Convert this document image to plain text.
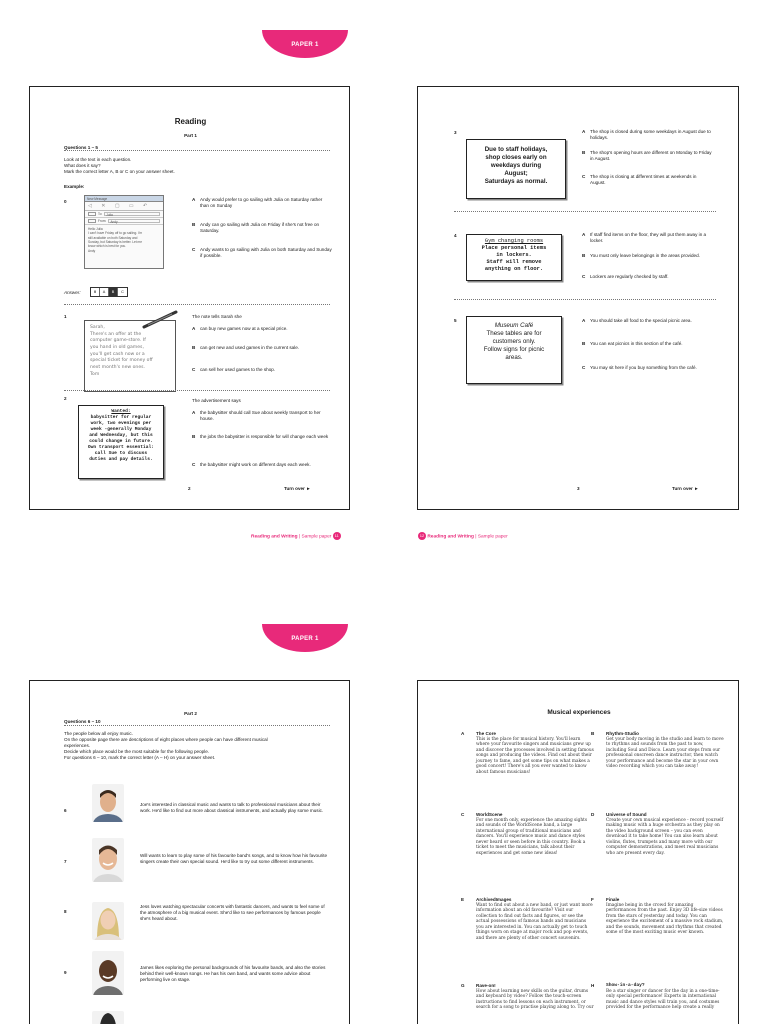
PAPER 1
Reading
Part 1
Questions 1 – 5
Look at the text in each question.
What does it say?
Mark the correct letter A, B or C on your answer sheet.
Example:
0	New Message
◁ ✕ ▢ ▭ ↶
To:	Julia
From:	Andy
Hello Julia
I can't have Friday off to go sailing. I'm
still available on both Saturday and
Sunday, but Saturday is better. Let me
know which is best for you.
Andy
A	Andy would prefer to go sailing with Julia on Saturday rather than on Sunday
B	Andy can go sailing with Julia on Friday if she's not free on Saturday.
C	Andy wants to go sailing with Julia on both Saturday and Sunday if possible.
Answer:	0	A	B	C
1
Sarah,
There's an offer at the
computer game-store. If
you hand in old games,
you'll get cash now or a
special ticket for money off
next month's new ones.
Tom
The note tells Sarah she
A	can buy new games now at a special price.
B	can get new and used games in the current sale.
C	can sell her used games to the shop.
2
Wanted:
babysitter for regular
work, two evenings per
week -generally Monday
and Wednesday, but this
could change in future.
Own transport essential:
call Sue to discuss
duties and pay details.
The advertisement says
A	the babysitter should call Sue about weekly transport to her house.
B	the jobs the babysitter is responsible for will change each week
C	the babysitter might work on different days each week.
2	Turn over ►
3
Due to staff holidays,
shop closes early on
weekdays during
August;
Saturdays as normal.
A	The shop is closed during some weekdays in August due to holidays.
B	The shop's opening hours are different on Monday to Friday in August.
C	The shop is closing at different times at weekends in August.
4
Gym changing rooms
Place personal items
in lockers.
Staff will remove
anything on floor.
A	If staff find items on the floor, they will put them away in a locker.
B	You must only leave belongings in the areas provided.
C	Lockers are regularly checked by staff.
5
Museum Café
These tables are for
customers only.
Follow signs for picnic
areas.
A	You should take all food to the special picnic area.
B	You can eat picnics in this section of the café.
C	You may sit here if you buy something from the café.
3	Turn over ►
Reading and Writing | Sample paper 11	12 Reading and Writing | Sample paper
PAPER 1
Part 2
Questions 6 – 10
The people below all enjoy music.
On the opposite page there are descriptions of eight places where people can have different musical
experiences.
Decide which place would be the most suitable for the following people.
For questions 6 – 10, mark the correct letter (A – H) on your answer sheet.
6
Joe's interested in classical music and wants to talk to professional musicians about their work. He'd like to find out more about classical instruments, and actually play some music.
7
Will wants to learn to play some of his favourite band's songs, and to know how his favourite singers create their own special sound. He'd like to try out some different instruments.
8
Jess loves watching spectacular concerts with fantastic dancers, and wants to feel some of the atmosphere of a big musical event. She'd like to see performances by famous people she's heard about.
9
James likes exploring the personal backgrounds of his favourite bands, and also the stories behind their well-known songs. He has his own band, and wants some advice about performing live on stage.
Musical experiences
A	The Core
This is the place for musical history. You'll learn where your favourite singers and musicians grew up and discover the processes involved in setting famous songs and producing the videos. Find out about their journey to fame, and get some tips on what makes a good concert! There's all you ever wanted to know about famous musicians!
B	Rhythm-Studio
Get your body moving in the studio and learn to move to rhythms and sounds from the past to now, including Soul and Disco. Learn your steps from our professional onscreen dance instructor, then watch your performance and become the star in your own video recording which you can take away!
C	WorldScene
For one month only, experience the amazing sights and sounds of the WorldScene band, a large international group of traditional musicians and dancers. You'll experience music and dance styles never heard or seen before in this country. Book a ticket to meet the musicians, talk about their experiences and get some new ideas!
D	Universe of Sound
Create your own musical experience - record yourself making music with a huge orchestra as they play on the video background screen – you can even download it to take home! You can also learn about violins, flutes, trumpets and many more with our computer demonstrations, and meet real musicians who are present every day.
E	ArchivedImages
Want to find out about a new band, or just want more information about an old favourite? Visit our collection to find out facts and figures, or see the actual possessions of famous bands and musicians you are interested in. You can actually get to touch things worn on stage at major rock and pop events, and there are plenty of other concert souvenirs.
F	Finale
Imagine being in the crowd for amazing performances from the past. Enjoy 3D life-size videos from the stars of yesterday and today. You can experience the excitement of a massive rock stadium, and the sounds, movement and rhythms that created some of the most exciting music ever known.
G Rave-on!
How about learning new skills on the guitar, drums and keyboard by video? Follow the touch-screen instructions to find lessons on each instrument, or search for a song to practise playing along to. Try our
H	Show-in-a-day?
Be a star singer or dancer for the day in a one-time-only special performance! Experts in international music and dance styles will train you, and costumes provided for the performance help create a really
